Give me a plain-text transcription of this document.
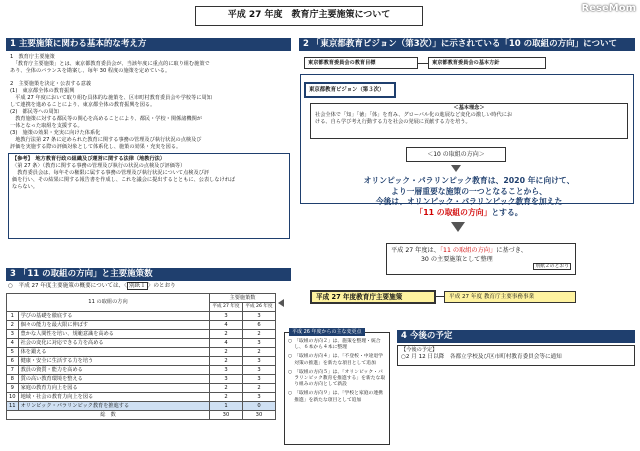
平成 27 年度　教育庁主要施策について
ReseMom
1 主要施策に関わる基本的な考え方
1　教育庁主要施策
　「教育庁主要施策」とは、東京都教育委員会が、当該年度に重点的に取り組む施策で
あり、全体のバランスを勘案し、毎年 30 程度の施策を定めている。
2　主要施策を決定・公表する意義
(1)　東京都全体の教育振興
　平成 27 年度において取り組む具体的な施策を、区市町村教育委員会や学校等に周知
して連携を進めることにより、東京都全体の教育振興を図る。
(2)　都民等への周知
　教育施策に対する都民等の関心を高めることにより、都民・学校・関係諸機関が
一体となった取組を支援する。
(3)　施策の効果・充実に向けた体系化
　地教行法第 27 条に定められた教育に関する事務の管理及び執行状況の点検及び
評価を実施する際の評価対象として体系化し、施策の効果・充実を図る。
【参考】　地方教育行政の組織及び運営に関する法律（地教行法）
〈第 27 条〉（教育に関する事務の管理及び執行の状況の点検及び評価等）
　教育委員会は、毎年その権限に属する事務の管理及び執行状況について点検及び評
価を行い、その結果に関する報告書を作成し、これを議会に提出するとともに、公表しなければ
ならない。
2 「東京都教育ビジョン（第3次）」に示されている「10 の取組の方向」について
東京都教育委員会の教育目標	東京都教育委員会の基本方針
東京都教育ビジョン（第３次）
＜基本理念＞
社会全体で「知」「徳」「体」を育み、グローバル化の進展など変化の激しい時代にお
ける、自ら学び考え行動する力を社会の発展に貢献する力を培う。
＜10 の取組の方向＞
オリンピック・パラリンピック教育は、2020 年に向けて、
より一層重要な施策の一つとなることから、
今後は、オリンピック・パラリンピック教育を加えた
「11 の取組の方向」とする。
平成 27 年度は、「11 の取組の方向」に基づき、
30 の主要施策として整理
別紙２のとおり
平成 27 年度教育庁主要施策	平成 27 年度 教育庁主要事務事業
3 「11 の取組の方向」と主要施策数
○　平成 27 年度主要施策の概要については、〈 別紙１ 〉のとおり
11 の取組の方向		主要施策数	
		平成 27 年度	平成 26 年度
1	学びの基礎を徹底する	3	3
2	個々の能力を最大限に伸ばす	4	6
3	豊かな人間性を培い、規範意識を高める	2	2
4	社会の変化に対応できる力を高める	4	3
5	体を鍛える	2	2
6	健康・安全に生活する力を培う	2	3
7	教員の資質・能力を高める	3	3
8	質の高い教育環境を整える	3	3
9	家庭の教育力向上を図る	2	2
10	地域・社会の教育力向上を図る	2	3
11	オリンピック・パラリンピック教育を推進する	1	0
総　数		30	30
平成 26 年度からの主な変更点
○ 「取組の方向２」は、施策を整理・統合し、６本から４本に整理
○ 「取組の方向４」は、「不登校・中途退学対策の推進」を新たな項目として追加
○ 「取組の方向５」は、「オリンピック・パラリンピック教育を推進する」を新たな取り組みの方向として新設
○ 「取組の方向９」は、「学校と家庭の連携推進」を新たな項目として追加
4 今後の予定
【今後の予定】
○2 月 12 日以降　各都立学校及び区市町村教育委員会等に通知
